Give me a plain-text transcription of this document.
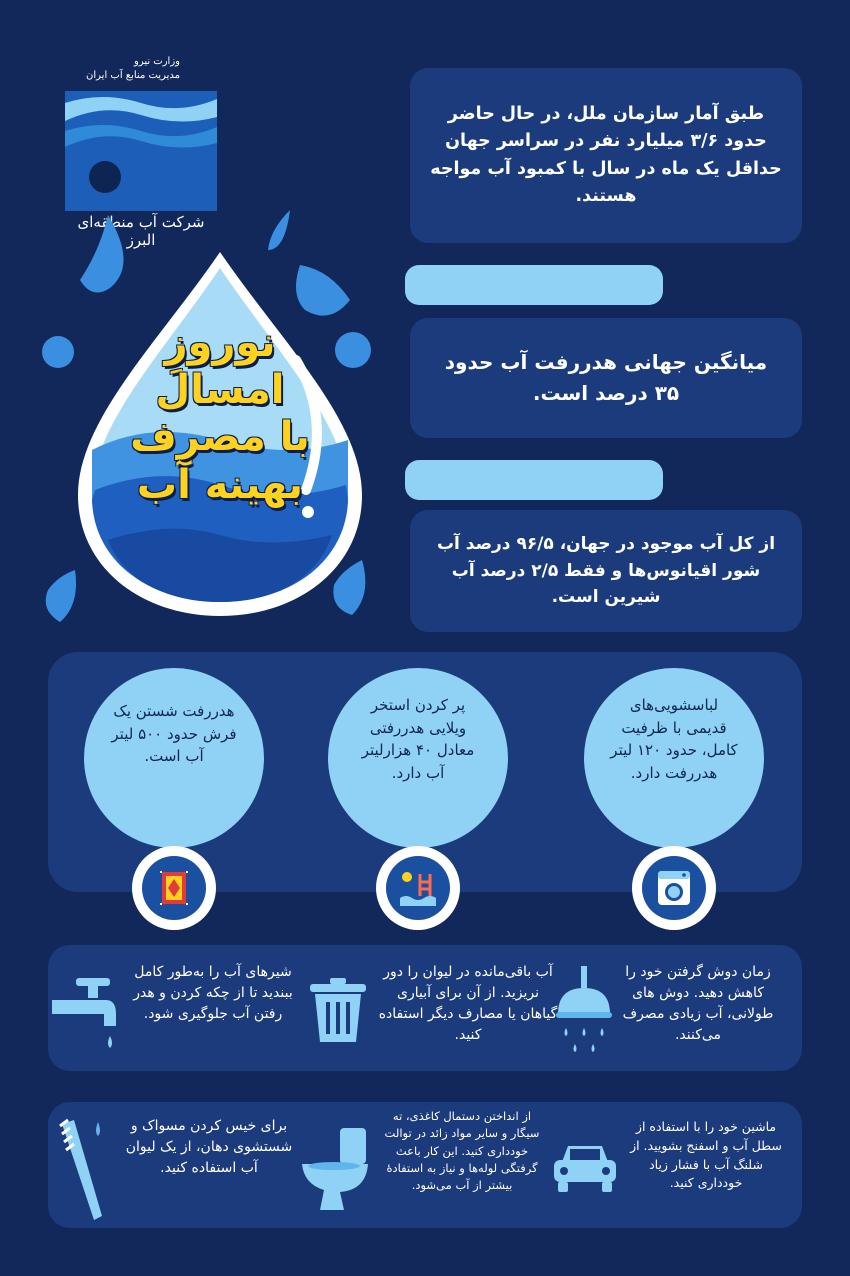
وزارت نیرو
مدیریت منابع آب ایران
شرکت آب منطقه‌ای البرز
نوروزِ
امسال
با مصرف
بهینه آب
طبق آمار سازمان ملل، در حال حاضر حدود ۳/۶ میلیارد نفر در سراسر جهان حداقل یک ماه در سال با کمبود آب مواجه هستند.
میانگین جهانی هدررفت آب حدود ۳۵ درصد است.
از کل آب موجود در جهان، ۹۶/۵ درصد آب شور اقیانوس‌ها و فقط ۲/۵ درصد آب شیرین است.
لباسشویی‌های قدیمی با ظرفیت کامل، حدود ۱۲۰ لیتر هدررفت دارد.
پر کردن استخر ویلایی هدررفتی معادل ۴۰ هزارلیتر آب دارد.
هدررفت شستن یک فرش حدود ۵۰۰ لیتر آب است.
زمان دوش گرفتن خود را کاهش دهید. دوش های طولانی، آب زیادی مصرف می‌کنند.
آب باقی‌مانده در لیوان را دور نریزید. از آن برای آبیاری گیاهان یا مصارف دیگر استفاده کنید.
شیرهای آب را به‌طور کامل ببندید تا از چکه کردن و هدر رفتن آب جلوگیری شود.
ماشین خود را با استفاده از سطل آب و اسفنج بشویید. از شلنگ آب با فشار زیاد خودداری کنید.
از انداختن دستمال کاغذی، ته سیگار و سایر مواد زائد در توالت خودداری کنید. این کار باعث گرفتگی لوله‌ها و نیاز به استفادهٔ بیشتر از آب می‌شود.
برای خیس کردن مسواک و شستشوی دهان، از یک لیوان آب استفاده کنید.
